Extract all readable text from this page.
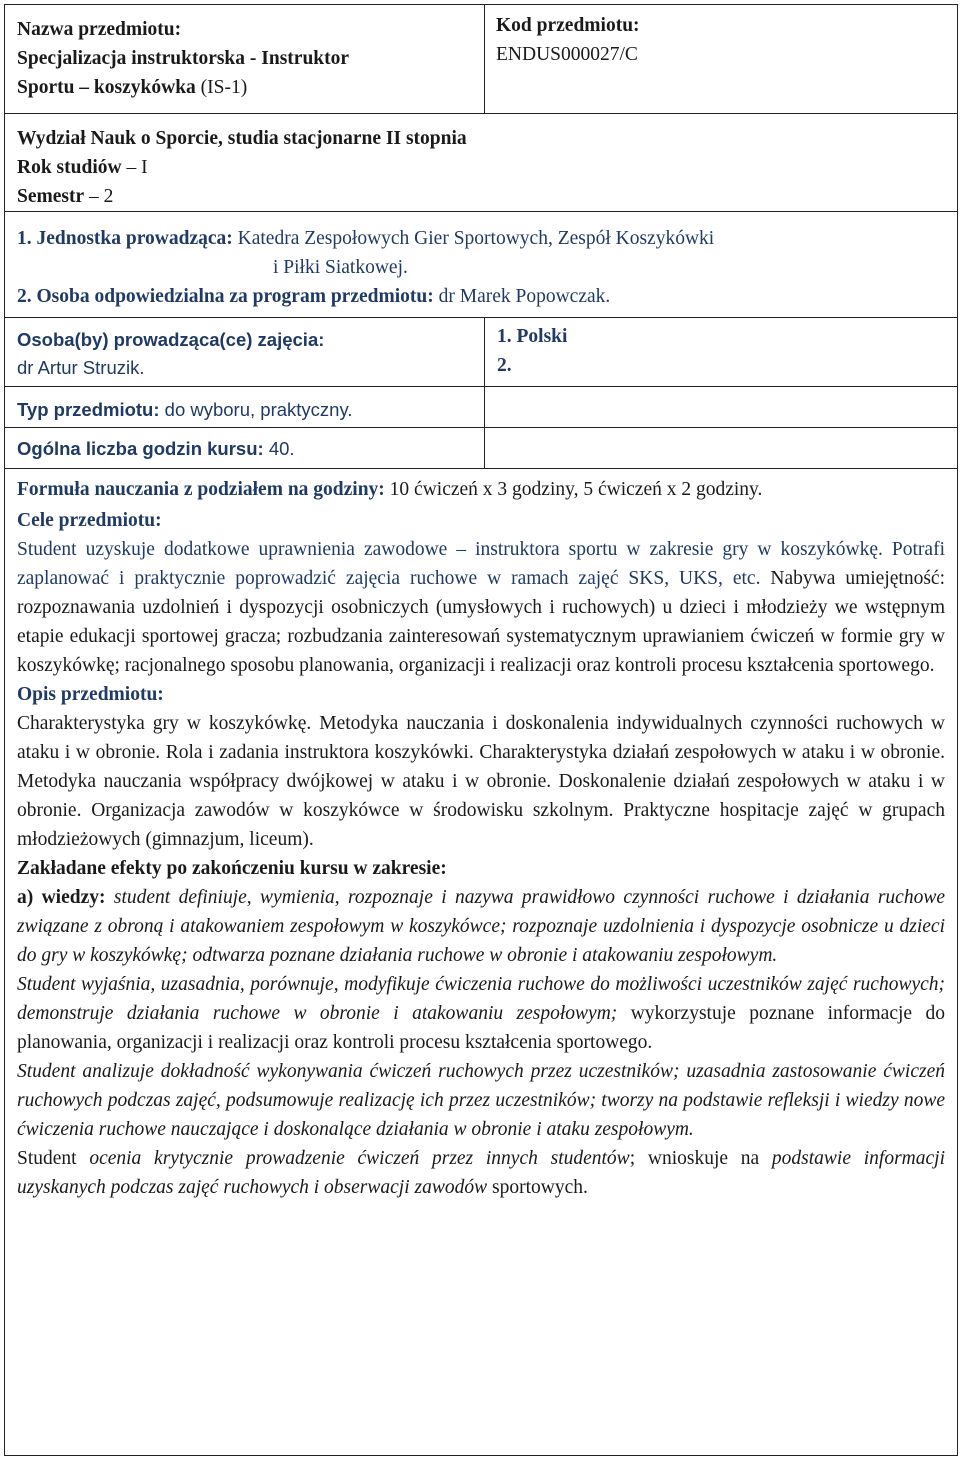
Nazwa przedmiotu:
Specjalizacja instruktorska - Instruktor
Sportu – koszykówka (IS-1)
Kod przedmiotu:
ENDUS000027/C
Wydział Nauk o Sporcie, studia stacjonarne II stopnia
Rok studiów – I
Semestr – 2
1. Jednostka prowadząca: Katedra Zespołowych Gier Sportowych, Zespół Koszykówki
i Piłki Siatkowej.
2. Osoba odpowiedzialna za program przedmiotu: dr Marek Popowczak.
Osoba(by) prowadząca(ce) zajęcia:
dr Artur Struzik.
1. Polski
2.
Typ przedmiotu: do wyboru, praktyczny.
Ogólna liczba godzin kursu: 40.
Formuła nauczania z podziałem na godziny: 10 ćwiczeń x 3 godziny, 5 ćwiczeń x 2 godziny.
Cele przedmiotu:
Student uzyskuje dodatkowe uprawnienia zawodowe – instruktora sportu w zakresie gry w koszykówkę. Potrafi zaplanować i praktycznie poprowadzić zajęcia ruchowe w ramach zajęć SKS, UKS, etc. Nabywa umiejętność: rozpoznawania uzdolnień i dyspozycji osobniczych (umysłowych i ruchowych) u dzieci i młodzieży we wstępnym etapie edukacji sportowej gracza; rozbudzania zainteresowań systematycznym uprawianiem ćwiczeń w formie gry w koszykówkę; racjonalnego sposobu planowania, organizacji i realizacji oraz kontroli procesu kształcenia sportowego.
Opis przedmiotu:
Charakterystyka gry w koszykówkę. Metodyka nauczania i doskonalenia indywidualnych czynności ruchowych w ataku i w obronie. Rola i zadania instruktora koszykówki. Charakterystyka działań zespołowych w ataku i w obronie. Metodyka nauczania współpracy dwójkowej w ataku i w obronie. Doskonalenie działań zespołowych w ataku i w obronie. Organizacja zawodów w koszykówce w środowisku szkolnym. Praktyczne hospitacje zajęć w grupach młodzieżowych (gimnazjum, liceum).
Zakładane efekty po zakończeniu kursu w zakresie:
a) wiedzy: student definiuje, wymienia, rozpoznaje i nazywa prawidłowo czynności ruchowe i działania ruchowe związane z obroną i atakowaniem zespołowym w koszykówce; rozpoznaje uzdolnienia i dyspozycje osobnicze u dzieci do gry w koszykówkę; odtwarza poznane działania ruchowe w obronie i atakowaniu zespołowym.
Student wyjaśnia, uzasadnia, porównuje, modyfikuje ćwiczenia ruchowe do możliwości uczestników zajęć ruchowych; demonstruje działania ruchowe w obronie i atakowaniu zespołowym; wykorzystuje poznane informacje do planowania, organizacji i realizacji oraz kontroli procesu kształcenia sportowego.
Student analizuje dokładność wykonywania ćwiczeń ruchowych przez uczestników; uzasadnia zastosowanie ćwiczeń ruchowych podczas zajęć, podsumowuje realizację ich przez uczestników; tworzy na podstawie refleksji i wiedzy nowe ćwiczenia ruchowe nauczające i doskonalące działania w obronie i ataku zespołowym.
Student ocenia krytycznie prowadzenie ćwiczeń przez innych studentów; wnioskuje na podstawie informacji uzyskanych podczas zajęć ruchowych i obserwacji zawodów sportowych.
